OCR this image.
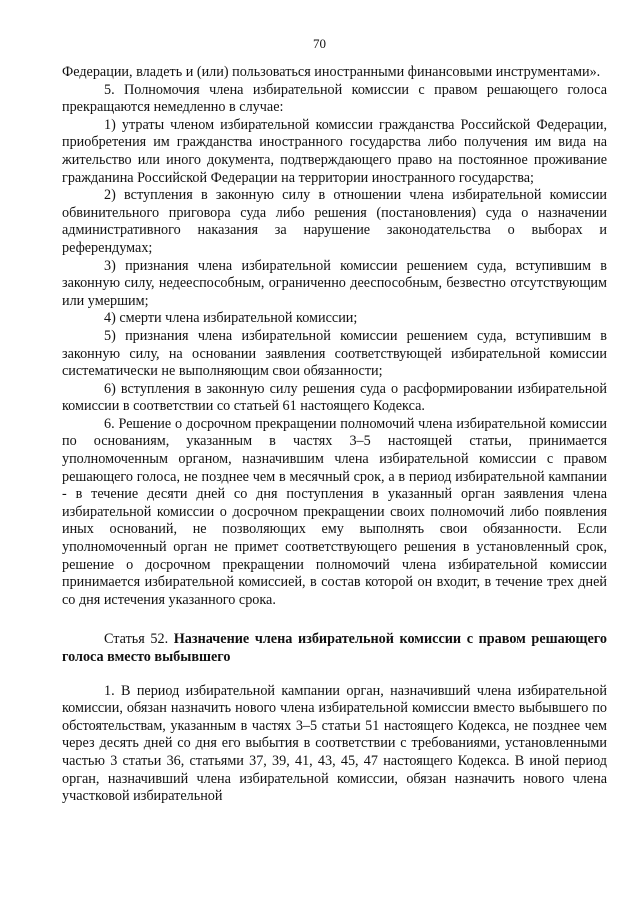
70

Федерации, владеть и (или) пользоваться иностранными финансовыми инструментами».

5. Полномочия члена избирательной комиссии с правом решающего голоса прекращаются немедленно в случае:

1) утраты членом избирательной комиссии гражданства Российской Федерации, приобретения им гражданства иностранного государства либо получения им вида на жительство или иного документа, подтверждающего право на постоянное проживание гражданина Российской Федерации на территории иностранного государства;

2) вступления в законную силу в отношении члена избирательной комиссии обвинительного приговора суда либо решения (постановления) суда о назначении административного наказания за нарушение законодательства о выборах и референдумах;

3) признания члена избирательной комиссии решением суда, вступившим в законную силу, недееспособным, ограниченно дееспособным, безвестно отсутствующим или умершим;

4) смерти члена избирательной комиссии;

5) признания члена избирательной комиссии решением суда, вступившим в законную силу, на основании заявления соответствующей избирательной комиссии систематически не выполняющим свои обязанности;

6) вступления в законную силу решения суда о расформировании избирательной комиссии в соответствии со статьей 61 настоящего Кодекса.

6. Решение о досрочном прекращении полномочий члена избирательной комиссии по основаниям, указанным в частях 3–5 настоящей статьи, принимается уполномоченным органом, назначившим члена избирательной комиссии с правом решающего голоса, не позднее чем в месячный срок, а в период избирательной кампании - в течение десяти дней со дня поступления в указанный орган заявления члена избирательной комиссии о досрочном прекращении своих полномочий либо появления иных оснований, не позволяющих ему выполнять свои обязанности. Если уполномоченный орган не примет соответствующего решения в установленный срок, решение о досрочном прекращении полномочий члена избирательной комиссии принимается избирательной комиссией, в состав которой он входит, в течение трех дней со дня истечения указанного срока.

Статья 52. Назначение члена избирательной комиссии с правом решающего голоса вместо выбывшего

1. В период избирательной кампании орган, назначивший члена избирательной комиссии, обязан назначить нового члена избирательной комиссии вместо выбывшего по обстоятельствам, указанным в частях 3–5 статьи 51 настоящего Кодекса, не позднее чем через десять дней со дня его выбытия в соответствии с требованиями, установленными частью 3 статьи 36, статьями 37, 39, 41, 43, 45, 47 настоящего Кодекса. В иной период орган, назначивший члена избирательной комиссии, обязан назначить нового члена участковой избирательной
